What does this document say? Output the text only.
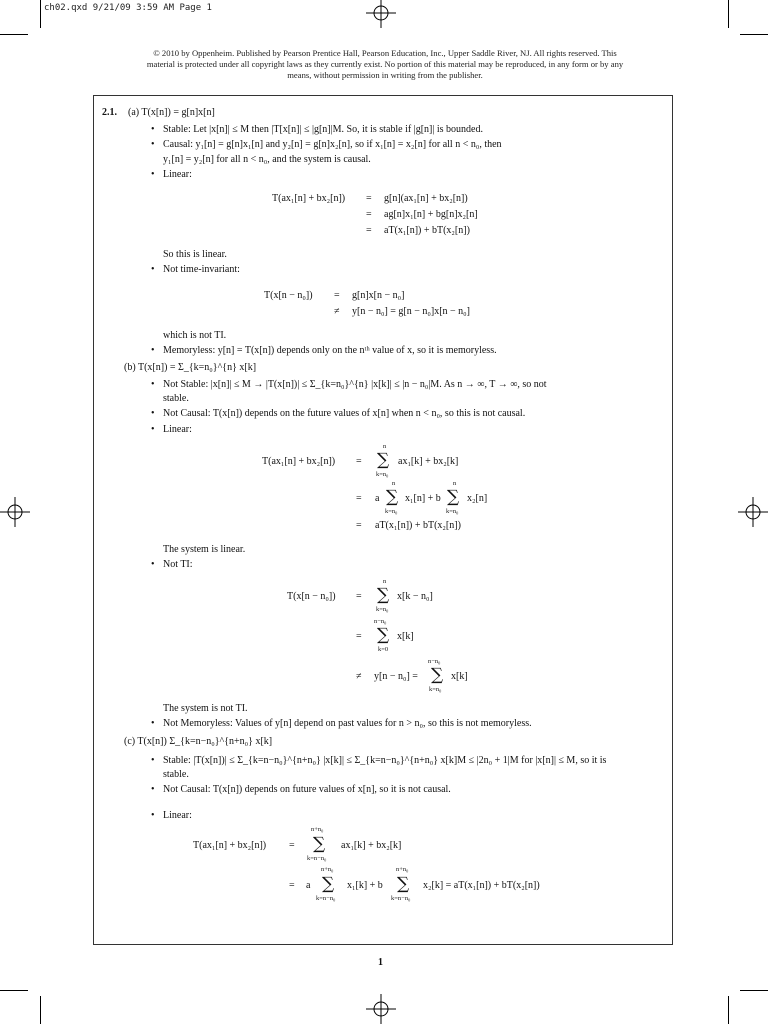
ch02.qxd 9/21/09 3:59 AM Page 1
© 2010 by Oppenheim. Published by Pearson Prentice Hall, Pearson Education, Inc., Upper Saddle River, NJ. All rights reserved. This material is protected under all copyright laws as they currently exist. No portion of this material may be reproduced, in any form or by any means, without permission in writing from the publisher.
2.1. (a) T(x[n]) = g[n]x[n]
• Stable: Let |x[n]| ≤ M then |T[x[n]| ≤ |g[n]|M. So, it is stable if |g[n]| is bounded.
• Causal: y₁[n] = g[n]x₁[n] and y₂[n] = g[n]x₂[n], so if x₁[n] = x₂[n] for all n < n₀, then
y₁[n] = y₂[n] for all n < n₀, and the system is causal.
• Linear:
T(ax₁[n] + bx₂[n]) = g[n](ax₁[n] + bx₂[n])
= ag[n]x₁[n] + bg[n]x₂[n]
= aT(x₁[n]) + bT(x₂[n])
So this is linear.
• Not time-invariant:
T(x[n − n₀]) = g[n]x[n − n₀]
≠ y[n − n₀] = g[n − n₀]x[n − n₀]
which is not TI.
• Memoryless: y[n] = T(x[n]) depends only on the nᵗʰ value of x, so it is memoryless.
(b) T(x[n]) = Σ_{k=n₀}^{n} x[k]
• Not Stable: |x[n]| ≤ M → |T(x[n])| ≤ Σ_{k=n₀}^{n} |x[k]| ≤ |n − n₀|M. As n → ∞, T → ∞, so not
stable.
• Not Causal: T(x[n]) depends on the future values of x[n] when n < n₀, so this is not causal.
• Linear:
T(ax₁[n] + bx₂[n]) =
n
∑
k=n₀
ax₁[k] + bx₂[k]
= a
n
∑
k=n₀
x₁[n] + b
n
∑
k=n₀
x₂[n]
= aT(x₁[n]) + bT(x₂[n])
The system is linear.
• Not TI:
T(x[n − n₀]) =
n
∑
k=n₀
x[k − n₀]
=
n−n₀
∑
k=0
x[k]
≠ y[n − n₀] =
n−n₀
∑
k=n₀
x[k]
The system is not TI.
• Not Memoryless: Values of y[n] depend on past values for n > n₀, so this is not memoryless.
(c) T(x[n]) Σ_{k=n−n₀}^{n+n₀} x[k]
• Stable: |T(x[n])| ≤ Σ_{k=n−n₀}^{n+n₀} |x[k]| ≤ Σ_{k=n−n₀}^{n+n₀} x[k]M ≤ |2n₀ + 1|M for |x[n]| ≤ M, so it is
stable.
• Not Causal: T(x[n]) depends on future values of x[n], so it is not causal.
• Linear:
T(ax₁[n] + bx₂[n]) =
n+n₀
∑
k=n−n₀
ax₁[k] + bx₂[k]
= a
n+n₀
∑
k=n−n₀
x₁[k] + b
n+n₀
∑
k=n−n₀
x₂[k] = aT(x₁[n]) + bT(x₂[n])
1
